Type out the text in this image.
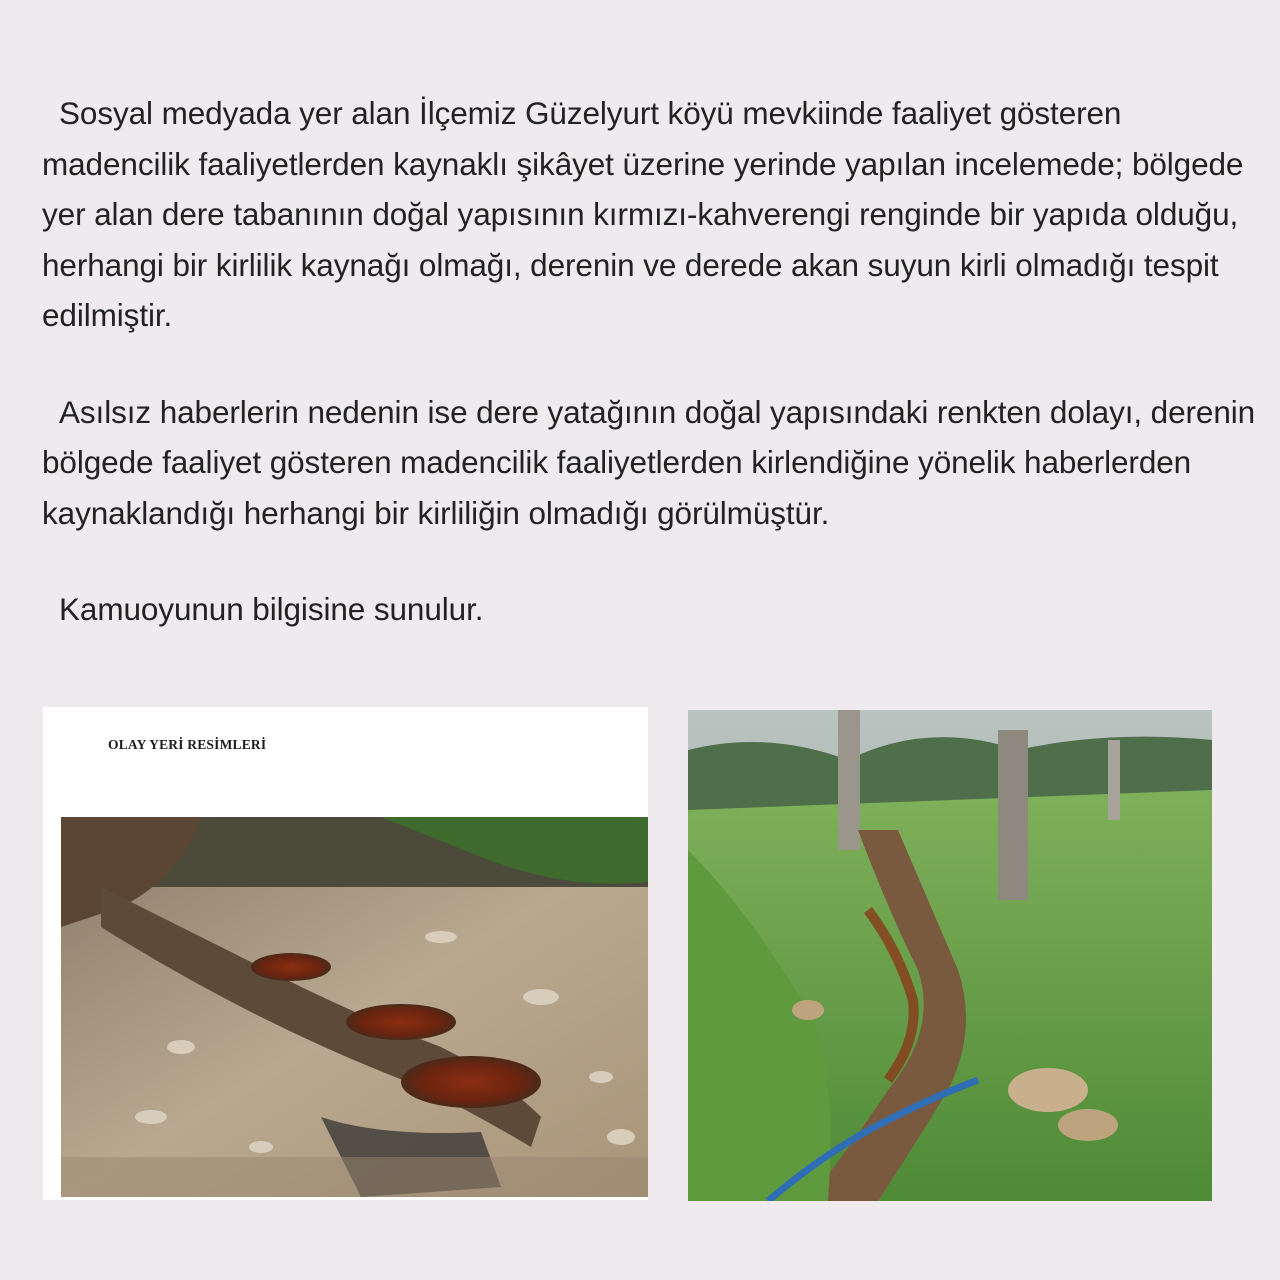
Sosyal medyada yer alan İlçemiz Güzelyurt köyü mevkiinde faaliyet gösteren madencilik faaliyetlerden kaynaklı şikâyet üzerine yerinde yapılan incelemede; bölgede yer alan dere tabanının doğal yapısının kırmızı-kahverengi renginde bir yapıda olduğu, herhangi bir kirlilik kaynağı olmağı, derenin ve derede akan suyun kirli olmadığı tespit edilmiştir.

Asılsız haberlerin nedenin ise dere yatağının doğal yapısındaki renkten dolayı, derenin bölgede faaliyet gösteren madencilik faaliyetlerden kirlendiğine yönelik haberlerden kaynaklandığı herhangi bir kirliliğin olmadığı görülmüştür.

Kamuoyunun bilgisine sunulur.

OLAY YERİ RESİMLERİ
